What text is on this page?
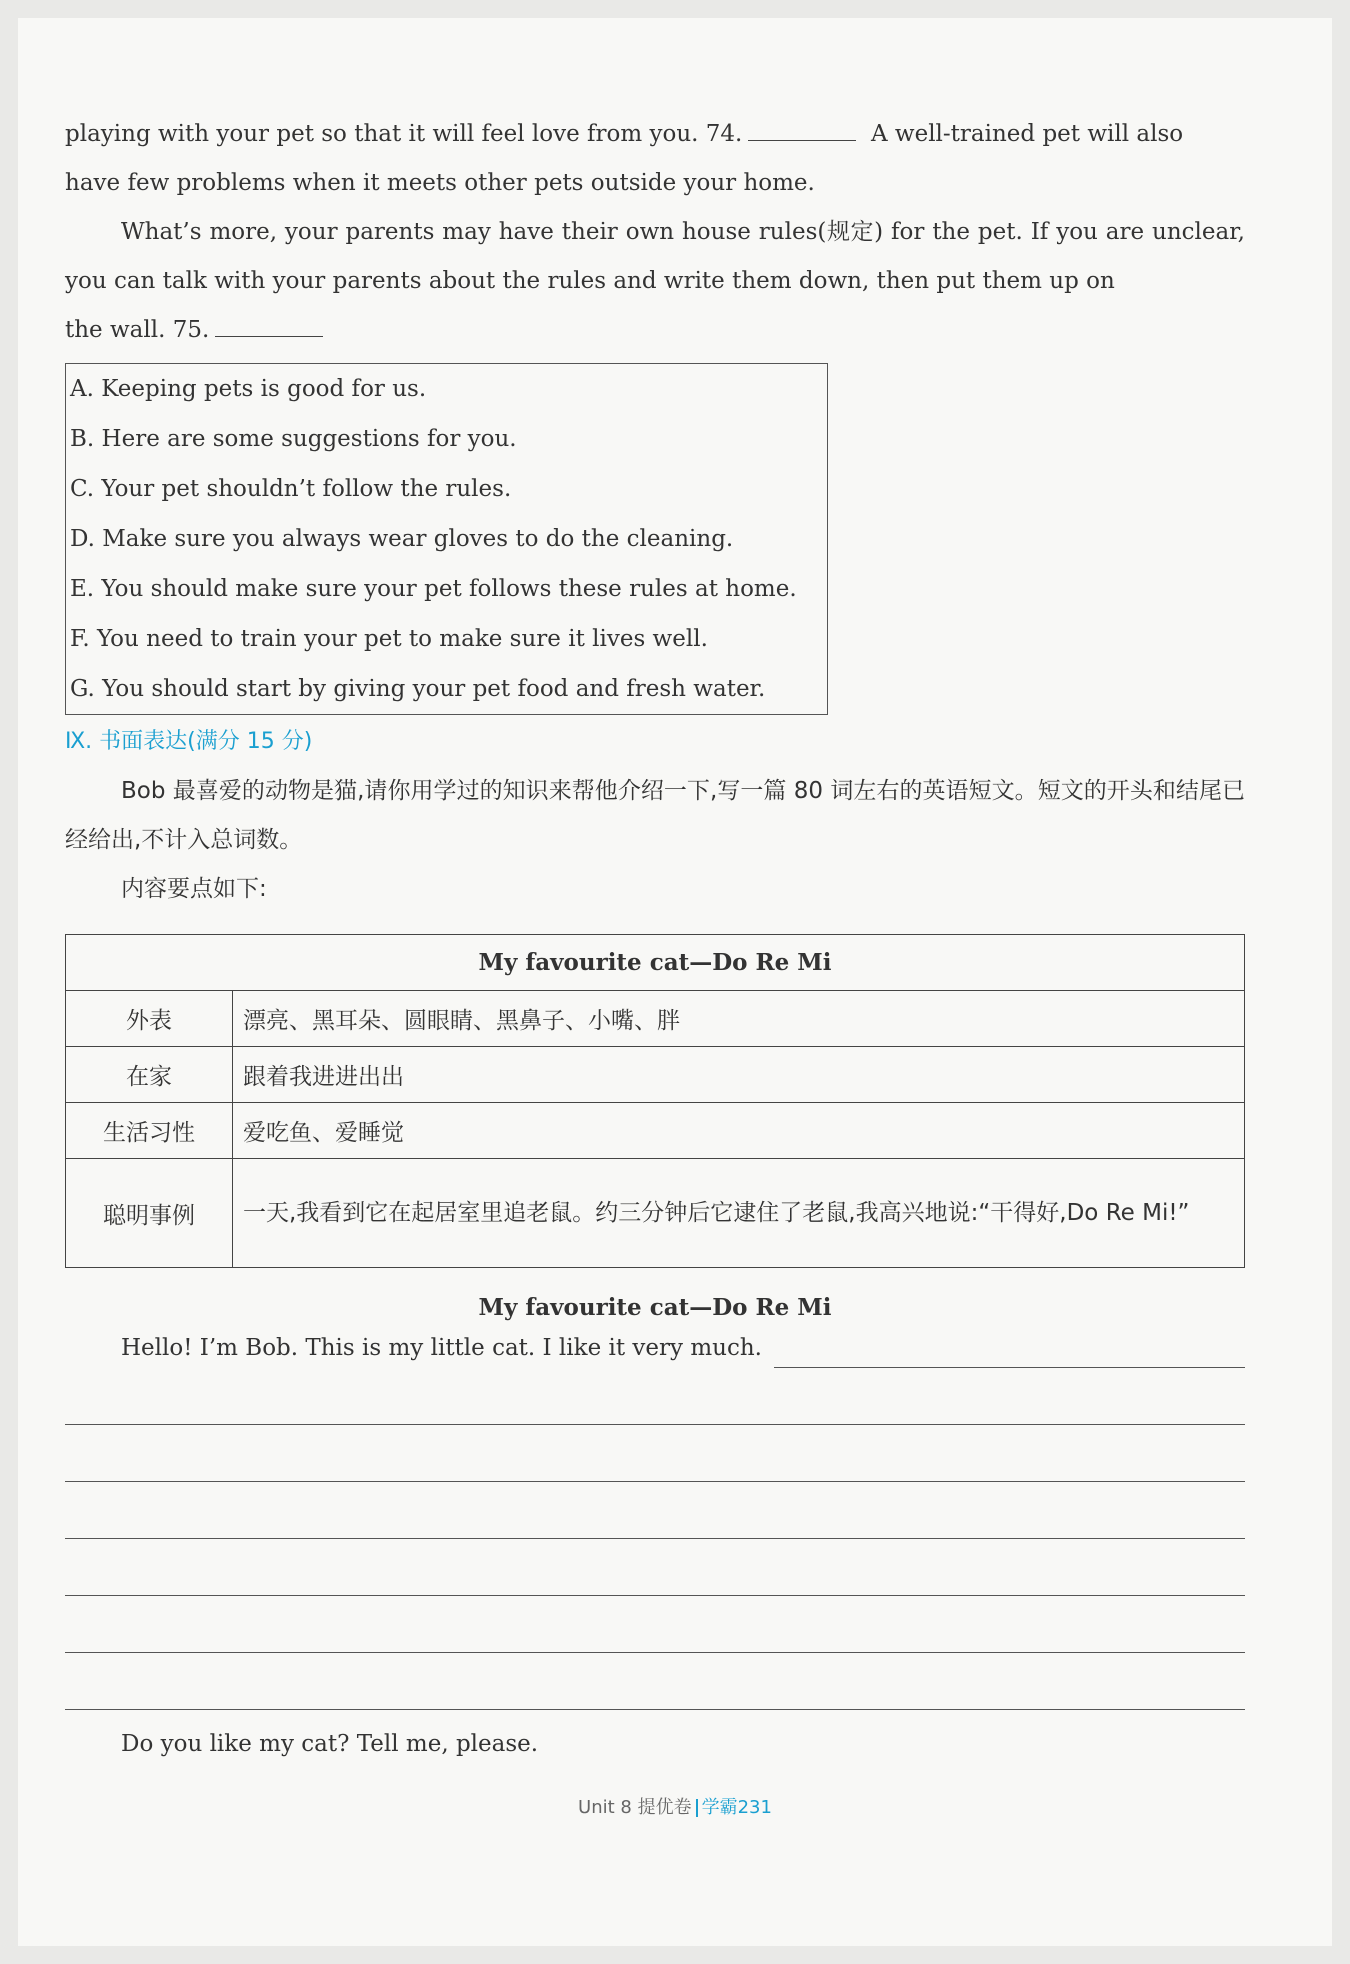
playing with your pet so that it will feel love from you. 74.	A well-trained pet will also

have few problems when it meets other pets outside your home.

What’s more, your parents may have their own house rules(规定) for the pet. If you are unclear, you can talk with your parents about the rules and write them down, then put them up on

the wall. 75.

A. Keeping pets is good for us.
B. Here are some suggestions for you.
C. Your pet shouldn’t follow the rules.
D. Make sure you always wear gloves to do the cleaning.
E. You should make sure your pet follows these rules at home.
F. You need to train your pet to make sure it lives well.
G. You should start by giving your pet food and fresh water.
Ⅸ. 书面表达(满分 15 分)

Bob 最喜爱的动物是猫,请你用学过的知识来帮他介绍一下,写一篇 80 词左右的英语短文。短文的开头和结尾已经给出,不计入总词数。

内容要点如下:

My favourite cat—Do Re Mi	
外表	漂亮、黑耳朵、圆眼睛、黑鼻子、小嘴、胖
在家	跟着我进进出出
生活习性	爱吃鱼、爱睡觉
聪明事例	一天,我看到它在起居室里追老鼠。约三分钟后它逮住了老鼠,我高兴地说:“干得好,Do Re Mi!”
My favourite cat—Do Re Mi
Hello! I’m Bob. This is my little cat. I like it very much.
Do you like my cat? Tell me, please.
Unit 8 提优卷 学霸231
